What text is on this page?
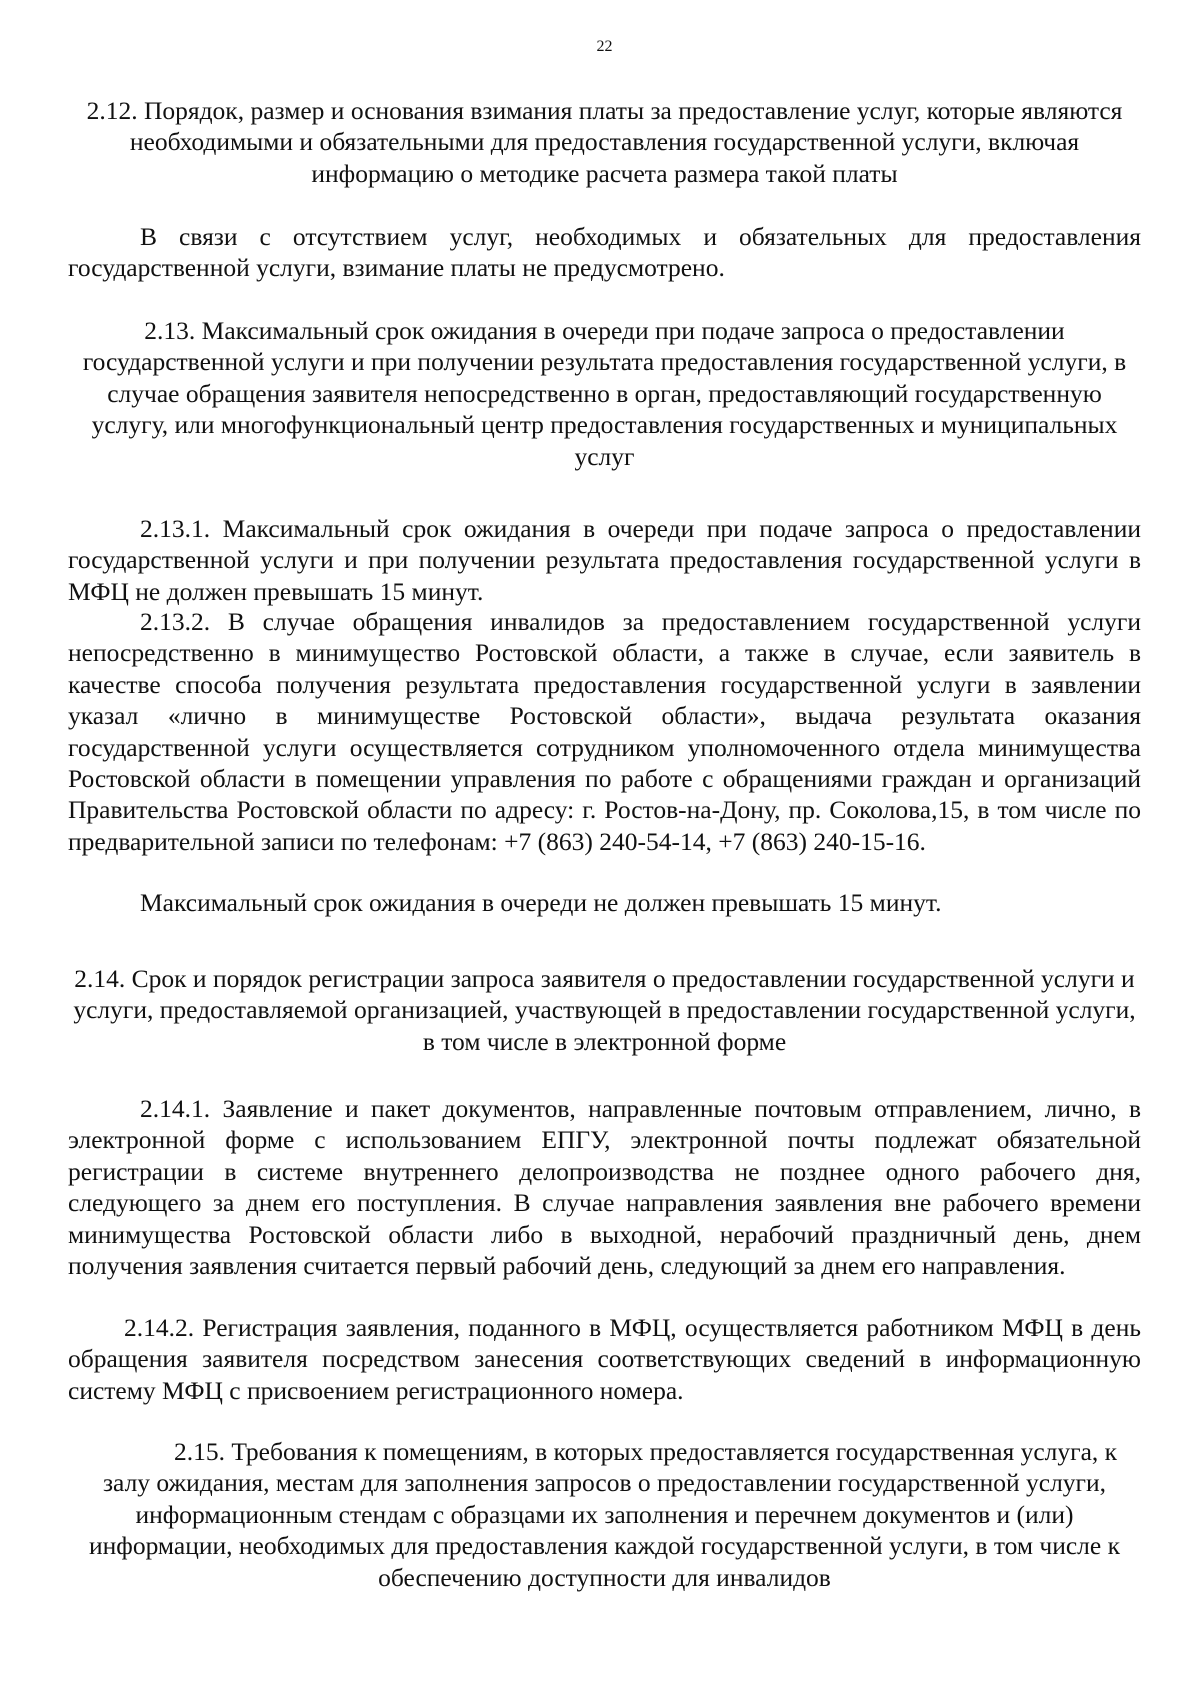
22
2.12. Порядок, размер и основания взимания платы за предоставление услуг, которые являются необходимыми и обязательными для предоставления государственной услуги, включая информацию о методике расчета размера такой платы
В связи с отсутствием услуг, необходимых и обязательных для предоставления государственной услуги, взимание платы не предусмотрено.
2.13. Максимальный срок ожидания в очереди при подаче запроса о предоставлении государственной услуги и при получении результата предоставления государственной услуги, в случае обращения заявителя непосредственно в орган, предоставляющий государственную услугу, или многофункциональный центр предоставления государственных и муниципальных услуг
2.13.1. Максимальный срок ожидания в очереди при подаче запроса о предоставлении государственной услуги и при получении результата предоставления государственной услуги в МФЦ не должен превышать 15 минут.
2.13.2. В случае обращения инвалидов за предоставлением государственной услуги непосредственно в минимущество Ростовской области, а также в случае, если заявитель в качестве способа получения результата предоставления государственной услуги в заявлении указал «лично в минимуществе Ростовской области», выдача результата оказания государственной услуги осуществляется сотрудником уполномоченного отдела минимущества Ростовской области в помещении управления по работе с обращениями граждан и организаций Правительства Ростовской области по адресу: г. Ростов-на-Дону, пр. Соколова,15, в том числе по предварительной записи по телефонам: +7 (863) 240-54-14, +7 (863) 240-15-16.
Максимальный срок ожидания в очереди не должен превышать 15 минут.
2.14. Срок и порядок регистрации запроса заявителя о предоставлении государственной услуги и услуги, предоставляемой организацией, участвующей в предоставлении государственной услуги, в том числе в электронной форме
2.14.1. Заявление и пакет документов, направленные почтовым отправлением, лично, в электронной форме с использованием ЕПГУ, электронной почты подлежат обязательной регистрации в системе внутреннего делопроизводства не позднее одного рабочего дня, следующего за днем его поступления. В случае направления заявления вне рабочего времени минимущества Ростовской области либо в выходной, нерабочий праздничный день, днем получения заявления считается первый рабочий день, следующий за днем его направления.
2.14.2. Регистрация заявления, поданного в МФЦ, осуществляется работником МФЦ в день обращения заявителя посредством занесения соответствующих сведений в информационную систему МФЦ с присвоением регистрационного номера.
2.15. Требования к помещениям, в которых предоставляется государственная услуга, к залу ожидания, местам для заполнения запросов о предоставлении государственной услуги, информационным стендам с образцами их заполнения и перечнем документов и (или) информации, необходимых для предоставления каждой государственной услуги, в том числе к обеспечению доступности для инвалидов
